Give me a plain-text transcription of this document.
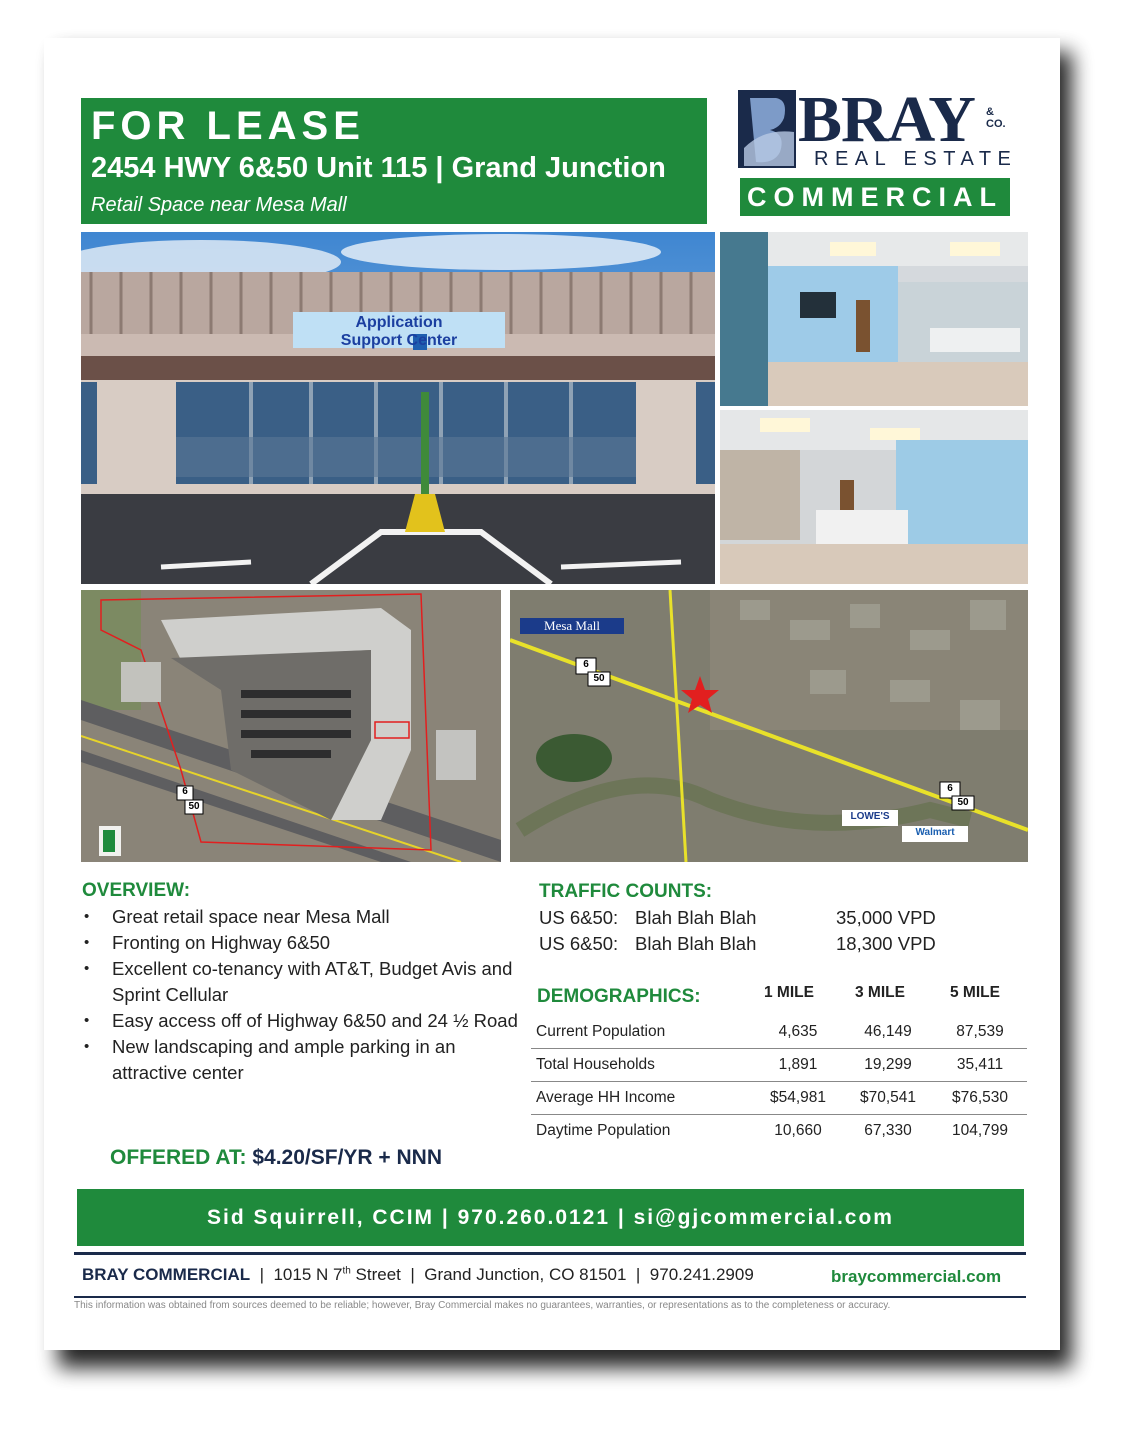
FOR LEASE
2454 HWY 6&50 Unit 115 | Grand Junction
Retail Space near Mesa Mall
BRAY & CO.
REAL ESTATE
COMMERCIAL
Application
Support Center
6
50
Mesa Mall
6
50
6
50
LOWE'S
Walmart
OVERVIEW:
• Great retail space near Mesa Mall
• Fronting on Highway 6&50
• Excellent co-tenancy with AT&T, Budget Avis and Sprint Cellular
• Easy access off of Highway 6&50 and 24 ½ Road
• New landscaping and ample parking in an attractive center
OFFERED AT: $4.20/SF/YR + NNN
TRAFFIC COUNTS:
US 6&50: Blah Blah Blah	35,000 VPD
US 6&50: Blah Blah Blah	18,300 VPD
DEMOGRAPHICS:	1 MILE	3 MILE	5 MILE
Current Population	4,635	46,149	87,539
Total Households	1,891	19,299	35,411
Average HH Income	$54,981	$70,541	$76,530
Daytime Population	10,660	67,330	104,799
Sid Squirrell, CCIM | 970.260.0121 | si@gjcommercial.com
BRAY COMMERCIAL | 1015 N 7th Street | Grand Junction, CO 81501 | 970.241.2909	braycommercial.com
This information was obtained from sources deemed to be reliable; however, Bray Commercial makes no guarantees, warranties, or representations as to the completeness or accuracy.
